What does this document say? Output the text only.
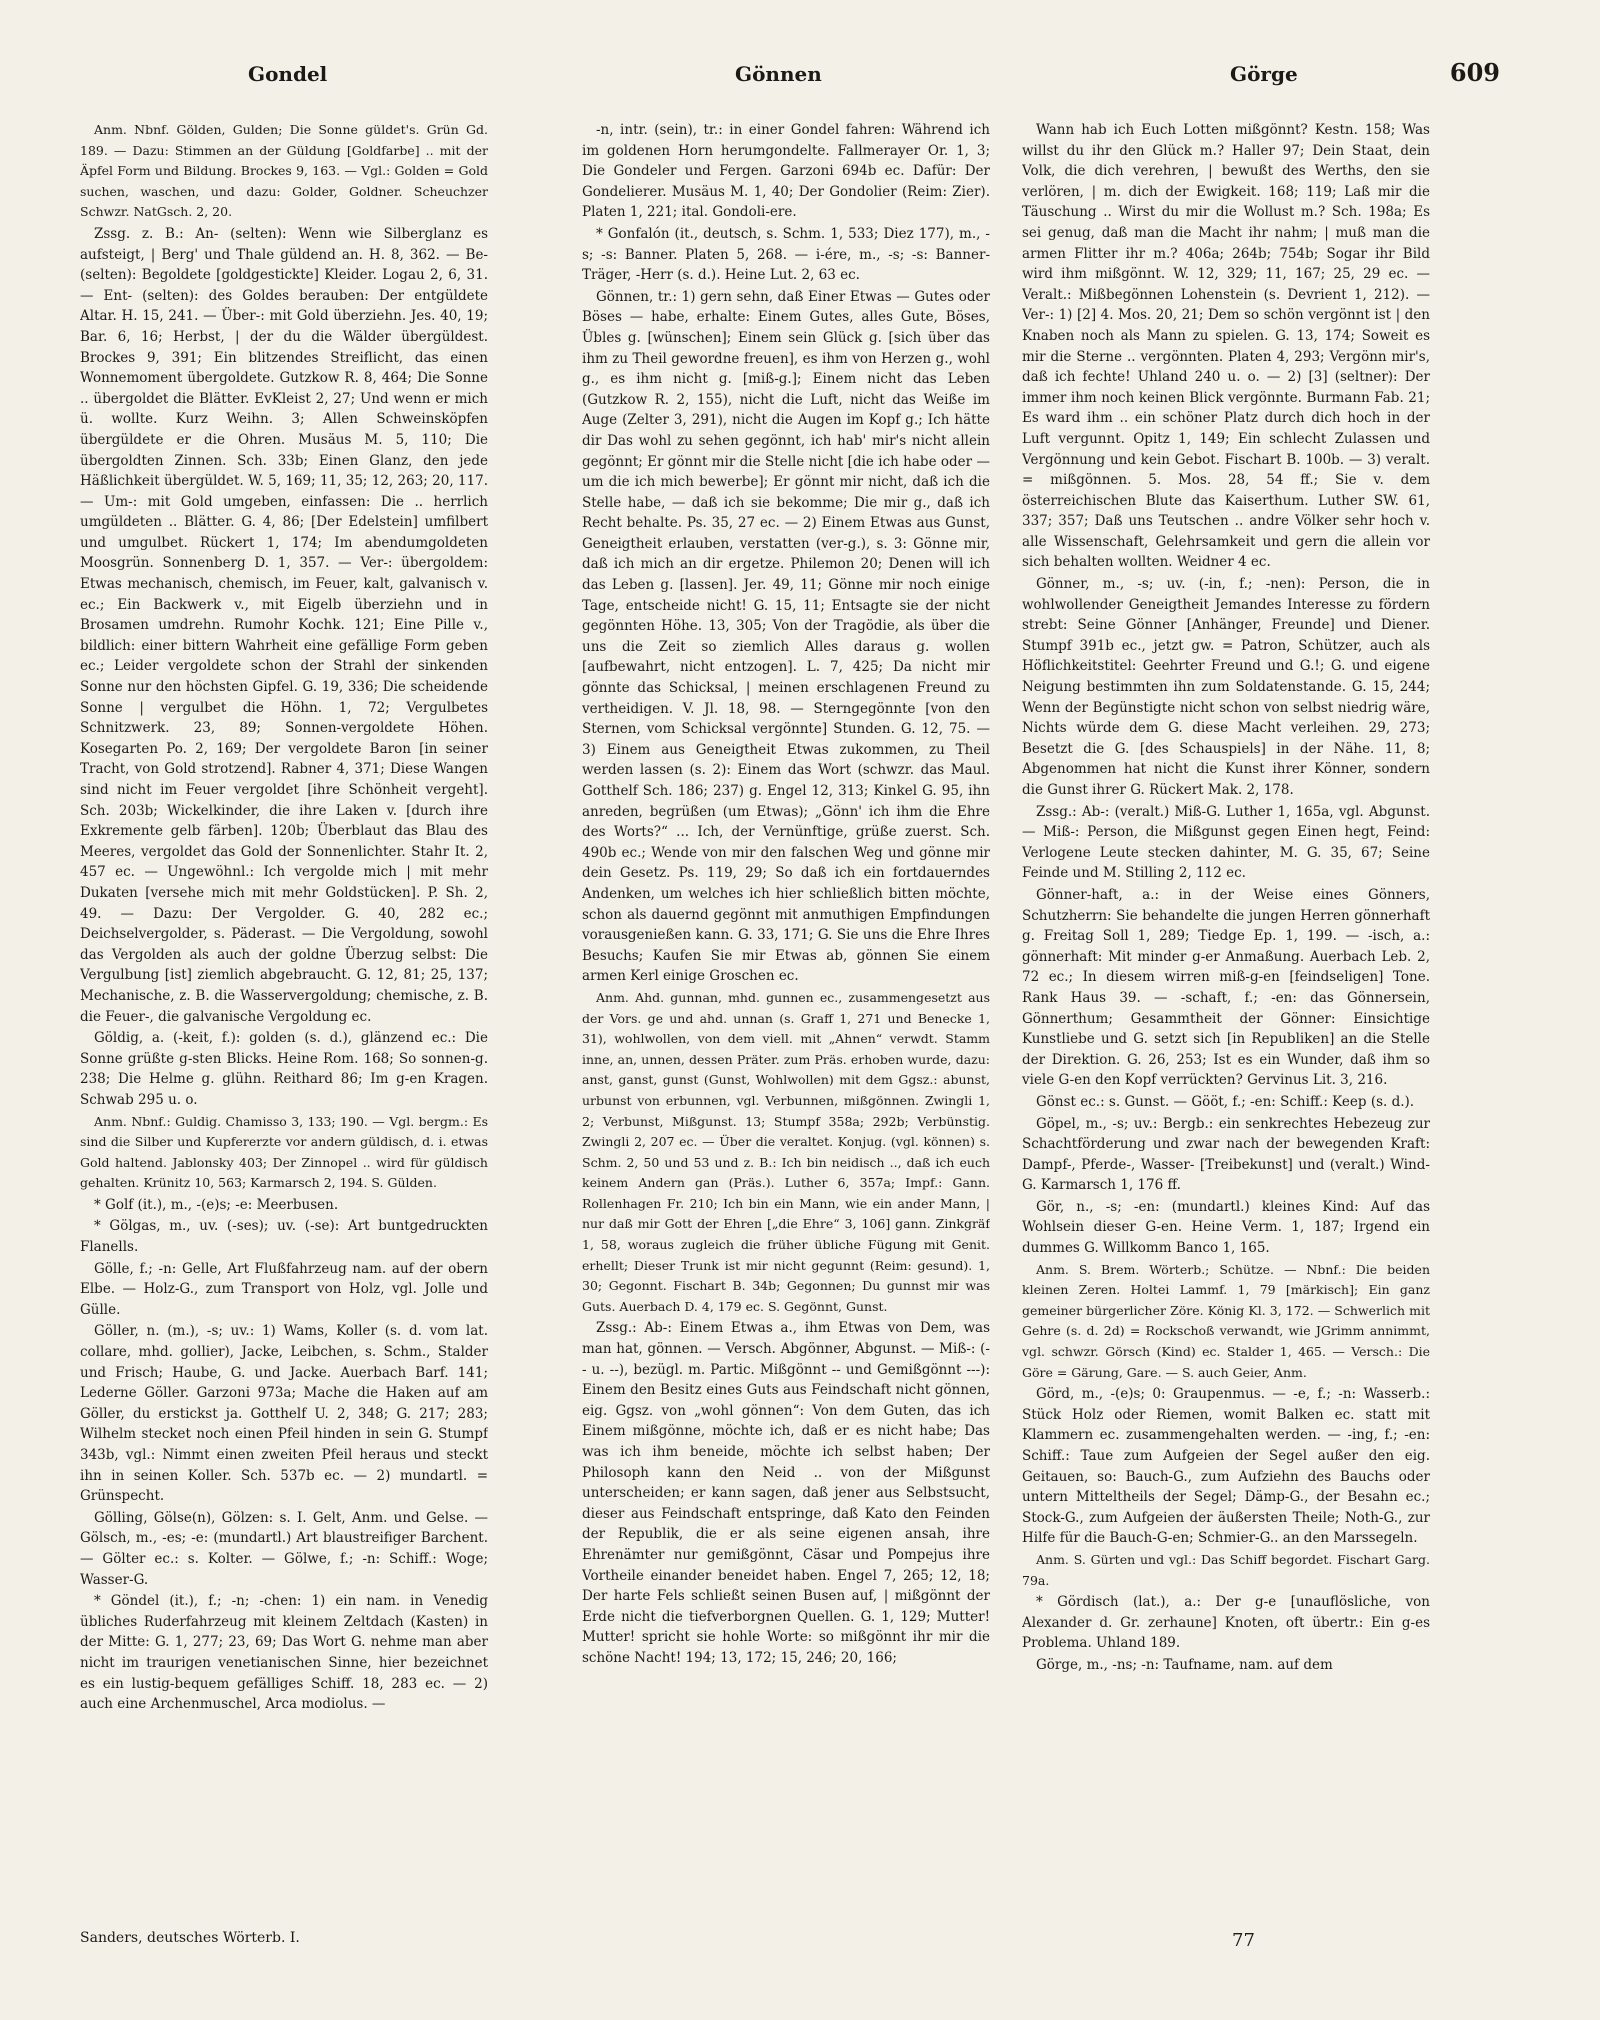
Gondel	Gönnen	Görge	609

Anm. Nbnf. Gölden, Gulden; Die Sonne güldet's. Grün Gd. 189. — Dazu: Stimmen an der Güldung [Goldfarbe] .. mit der Äpfel Form und Bildung. Brockes 9, 163. — Vgl.: Golden = Gold suchen, waschen, und dazu: Golder, Goldner. Scheuchzer Schwzr. NatGsch. 2, 20.

Zssg. z. B.: An- (selten): Wenn wie Silberglanz es aufsteigt, | Berg' und Thale güldend an. H. 8, 362. — Be- (selten): Begoldete [goldgestickte] Kleider. Logau 2, 6, 31. — Ent- (selten): des Goldes berauben: Der entgüldete Altar. H. 15, 241. — Über-: mit Gold überziehn. Jes. 40, 19; Bar. 6, 16; Herbst, | der du die Wälder übergüldest. Brockes 9, 391; Ein blitzendes Streiflicht, das einen Wonnemoment übergoldete. Gutzkow R. 8, 464; Die Sonne .. übergoldet die Blätter. EvKleist 2, 27; Und wenn er mich ü. wollte. Kurz Weihn. 3; Allen Schweinsköpfen übergüldete er die Ohren. Musäus M. 5, 110; Die übergoldten Zinnen. Sch. 33b; Einen Glanz, den jede Häßlichkeit übergüldet. W. 5, 169; 11, 35; 12, 263; 20, 117. — Um-: mit Gold umgeben, einfassen: Die .. herrlich umgüldeten .. Blätter. G. 4, 86; [Der Edelstein] umfilbert und umgulbet. Rückert 1, 174; Im abendumgoldeten Moosgrün. Sonnenberg D. 1, 357. — Ver-: übergoldem: Etwas mechanisch, chemisch, im Feuer, kalt, galvanisch v. ec.; Ein Backwerk v., mit Eigelb überziehn und in Brosamen umdrehn. Rumohr Kochk. 121; Eine Pille v., bildlich: einer bittern Wahrheit eine gefällige Form geben ec.; Leider vergoldete schon der Strahl der sinkenden Sonne nur den höchsten Gipfel. G. 19, 336; Die scheidende Sonne | vergulbet die Höhn. 1, 72; Vergulbetes Schnitzwerk. 23, 89; Sonnen-vergoldete Höhen. Kosegarten Po. 2, 169; Der vergoldete Baron [in seiner Tracht, von Gold strotzend]. Rabner 4, 371; Diese Wangen sind nicht im Feuer vergoldet [ihre Schönheit vergeht]. Sch. 203b; Wickelkinder, die ihre Laken v. [durch ihre Exkremente gelb färben]. 120b; Überblaut das Blau des Meeres, vergoldet das Gold der Sonnenlichter. Stahr It. 2, 457 ec. — Ungewöhnl.: Ich vergolde mich | mit mehr Dukaten [versehe mich mit mehr Goldstücken]. P. Sh. 2, 49. — Dazu: Der Vergolder. G. 40, 282 ec.; Deichselvergolder, s. Päderast. — Die Vergoldung, sowohl das Vergolden als auch der goldne Überzug selbst: Die Vergulbung [ist] ziemlich abgebraucht. G. 12, 81; 25, 137; Mechanische, z. B. die Wasservergoldung; chemische, z. B. die Feuer-, die galvanische Vergoldung ec.

Göldig, a. (-keit, f.): golden (s. d.), glänzend ec.: Die Sonne grüßte g-sten Blicks. Heine Rom. 168; So sonnen-g. 238; Die Helme g. glühn. Reithard 86; Im g-en Kragen. Schwab 295 u. o.

Anm. Nbnf.: Guldig. Chamisso 3, 133; 190. — Vgl. bergm.: Es sind die Silber und Kupfererzte vor andern güldisch, d. i. etwas Gold haltend. Jablonsky 403; Der Zinnopel .. wird für güldisch gehalten. Krünitz 10, 563; Karmarsch 2, 194. S. Gülden.

* Golf (it.), m., -(e)s; -e: Meerbusen.

* Gölgas, m., uv. (-ses); uv. (-se): Art buntgedruckten Flanells.

Gölle, f.; -n: Gelle, Art Flußfahrzeug nam. auf der obern Elbe. — Holz-G., zum Transport von Holz, vgl. Jolle und Gülle.

Göller, n. (m.), -s; uv.: 1) Wams, Koller (s. d. vom lat. collare, mhd. gollier), Jacke, Leibchen, s. Schm., Stalder und Frisch; Haube, G. und Jacke. Auerbach Barf. 141; Lederne Göller. Garzoni 973a; Mache die Haken auf am Göller, du erstickst ja. Gotthelf U. 2, 348; G. 217; 283; Wilhelm stecket noch einen Pfeil hinden in sein G. Stumpf 343b, vgl.: Nimmt einen zweiten Pfeil heraus und steckt ihn in seinen Koller. Sch. 537b ec. — 2) mundartl. = Grünspecht.

Gölling, Gölse(n), Gölzen: s. I. Gelt, Anm. und Gelse. — Gölsch, m., -es; -e: (mundartl.) Art blaustreifiger Barchent. — Gölter ec.: s. Kolter. — Gölwe, f.; -n: Schiff.: Woge; Wasser-G.

* Göndel (it.), f.; -n; -chen: 1) ein nam. in Venedig übliches Ruderfahrzeug mit kleinem Zeltdach (Kasten) in der Mitte: G. 1, 277; 23, 69; Das Wort G. nehme man aber nicht im traurigen venetianischen Sinne, hier bezeichnet es ein lustig-bequem gefälliges Schiff. 18, 283 ec. — 2) auch eine Archenmuschel, Arca modiolus. —

-n, intr. (sein), tr.: in einer Gondel fahren: Während ich im goldenen Horn herumgondelte. Fallmerayer Or. 1, 3; Die Gondeler und Fergen. Garzoni 694b ec. Dafür: Der Gondelierer. Musäus M. 1, 40; Der Gondolier (Reim: Zier). Platen 1, 221; ital. Gondoli-ere.

* Gonfalón (it., deutsch, s. Schm. 1, 533; Diez 177), m., -s; -s: Banner. Platen 5, 268. — i-ére, m., -s; -s: Banner-Träger, -Herr (s. d.). Heine Lut. 2, 63 ec.

Gönnen, tr.: 1) gern sehn, daß Einer Etwas — Gutes oder Böses — habe, erhalte: Einem Gutes, alles Gute, Böses, Übles g. [wünschen]; Einem sein Glück g. [sich über das ihm zu Theil gewordne freuen], es ihm von Herzen g., wohl g., es ihm nicht g. [miß-g.]; Einem nicht das Leben (Gutzkow R. 2, 155), nicht die Luft, nicht das Weiße im Auge (Zelter 3, 291), nicht die Augen im Kopf g.; Ich hätte dir Das wohl zu sehen gegönnt, ich hab' mir's nicht allein gegönnt; Er gönnt mir die Stelle nicht [die ich habe oder — um die ich mich bewerbe]; Er gönnt mir nicht, daß ich die Stelle habe, — daß ich sie bekomme; Die mir g., daß ich Recht behalte. Ps. 35, 27 ec. — 2) Einem Etwas aus Gunst, Geneigtheit erlauben, verstatten (ver-g.), s. 3: Gönne mir, daß ich mich an dir ergetze. Philemon 20; Denen will ich das Leben g. [lassen]. Jer. 49, 11; Gönne mir noch einige Tage, entscheide nicht! G. 15, 11; Entsagte sie der nicht gegönnten Höhe. 13, 305; Von der Tragödie, als über die uns die Zeit so ziemlich Alles daraus g. wollen [aufbewahrt, nicht entzogen]. L. 7, 425; Da nicht mir gönnte das Schicksal, | meinen erschlagenen Freund zu vertheidigen. V. Jl. 18, 98. — Sterngegönnte [von den Sternen, vom Schicksal vergönnte] Stunden. G. 12, 75. — 3) Einem aus Geneigtheit Etwas zukommen, zu Theil werden lassen (s. 2): Einem das Wort (schwzr. das Maul. Gotthelf Sch. 186; 237) g. Engel 12, 313; Kinkel G. 95, ihn anreden, begrüßen (um Etwas); „Gönn' ich ihm die Ehre des Worts?“ ... Ich, der Vernünftige, grüße zuerst. Sch. 490b ec.; Wende von mir den falschen Weg und gönne mir dein Gesetz. Ps. 119, 29; So daß ich ein fortdauerndes Andenken, um welches ich hier schließlich bitten möchte, schon als dauernd gegönnt mit anmuthigen Empfindungen vorausgenießen kann. G. 33, 171; G. Sie uns die Ehre Ihres Besuchs; Kaufen Sie mir Etwas ab, gönnen Sie einem armen Kerl einige Groschen ec.

Anm. Ahd. gunnan, mhd. gunnen ec., zusammengesetzt aus der Vors. ge und ahd. unnan (s. Graff 1, 271 und Benecke 1, 31), wohlwollen, von dem viell. mit „Ahnen“ verwdt. Stamm inne, an, unnen, dessen Präter. zum Präs. erhoben wurde, dazu: anst, ganst, gunst (Gunst, Wohlwollen) mit dem Ggsz.: abunst, urbunst von erbunnen, vgl. Verbunnen, mißgönnen. Zwingli 1, 2; Verbunst, Mißgunst. 13; Stumpf 358a; 292b; Verbünstig. Zwingli 2, 207 ec. — Über die veraltet. Konjug. (vgl. können) s. Schm. 2, 50 und 53 und z. B.: Ich bin neidisch .., daß ich euch keinem Andern gan (Präs.). Luther 6, 357a; Impf.: Gann. Rollenhagen Fr. 210; Ich bin ein Mann, wie ein ander Mann, | nur daß mir Gott der Ehren [„die Ehre“ 3, 106] gann. Zinkgräf 1, 58, woraus zugleich die früher übliche Fügung mit Genit. erhellt; Dieser Trunk ist mir nicht gegunnt (Reim: gesund). 1, 30; Gegonnt. Fischart B. 34b; Gegonnen; Du gunnst mir was Guts. Auerbach D. 4, 179 ec. S. Gegönnt, Gunst.

Zssg.: Ab-: Einem Etwas a., ihm Etwas von Dem, was man hat, gönnen. — Versch. Abgönner, Abgunst. — Miß-: (-- u. --), bezügl. m. Partic. Mißgönnt -- und Gemißgönnt ---): Einem den Besitz eines Guts aus Feindschaft nicht gönnen, eig. Ggsz. von „wohl gönnen“: Von dem Guten, das ich Einem mißgönne, möchte ich, daß er es nicht habe; Das was ich ihm beneide, möchte ich selbst haben; Der Philosoph kann den Neid .. von der Mißgunst unterscheiden; er kann sagen, daß jener aus Selbstsucht, dieser aus Feindschaft entspringe, daß Kato den Feinden der Republik, die er als seine eigenen ansah, ihre Ehrenämter nur gemißgönnt, Cäsar und Pompejus ihre Vortheile einander beneidet haben. Engel 7, 265; 12, 18; Der harte Fels schließt seinen Busen auf, | mißgönnt der Erde nicht die tiefverborgnen Quellen. G. 1, 129; Mutter! Mutter! spricht sie hohle Worte: so mißgönnt ihr mir die schöne Nacht! 194; 13, 172; 15, 246; 20, 166;

Wann hab ich Euch Lotten mißgönnt? Kestn. 158; Was willst du ihr den Glück m.? Haller 97; Dein Staat, dein Volk, die dich verehren, | bewußt des Werths, den sie verlören, | m. dich der Ewigkeit. 168; 119; Laß mir die Täuschung .. Wirst du mir die Wollust m.? Sch. 198a; Es sei genug, daß man die Macht ihr nahm; | muß man die armen Flitter ihr m.? 406a; 264b; 754b; Sogar ihr Bild wird ihm mißgönnt. W. 12, 329; 11, 167; 25, 29 ec. — Veralt.: Mißbegönnen Lohenstein (s. Devrient 1, 212). — Ver-: 1) [2] 4. Mos. 20, 21; Dem so schön vergönnt ist | den Knaben noch als Mann zu spielen. G. 13, 174; Soweit es mir die Sterne .. vergönnten. Platen 4, 293; Vergönn mir's, daß ich fechte! Uhland 240 u. o. — 2) [3] (seltner): Der immer ihm noch keinen Blick vergönnte. Burmann Fab. 21; Es ward ihm .. ein schöner Platz durch dich hoch in der Luft vergunnt. Opitz 1, 149; Ein schlecht Zulassen und Vergönnung und kein Gebot. Fischart B. 100b. — 3) veralt. = mißgönnen. 5. Mos. 28, 54 ff.; Sie v. dem österreichischen Blute das Kaiserthum. Luther SW. 61, 337; 357; Daß uns Teutschen .. andre Völker sehr hoch v. alle Wissenschaft, Gelehrsamkeit und gern die allein vor sich behalten wollten. Weidner 4 ec.

Gönner, m., -s; uv. (-in, f.; -nen): Person, die in wohlwollender Geneigtheit Jemandes Interesse zu fördern strebt: Seine Gönner [Anhänger, Freunde] und Diener. Stumpf 391b ec., jetzt gw. = Patron, Schützer, auch als Höflichkeitstitel: Geehrter Freund und G.!; G. und eigene Neigung bestimmten ihn zum Soldatenstande. G. 15, 244; Wenn der Begünstigte nicht schon von selbst niedrig wäre, Nichts würde dem G. diese Macht verleihen. 29, 273; Besetzt die G. [des Schauspiels] in der Nähe. 11, 8; Abgenommen hat nicht die Kunst ihrer Könner, sondern die Gunst ihrer G. Rückert Mak. 2, 178.

Zssg.: Ab-: (veralt.) Miß-G. Luther 1, 165a, vgl. Abgunst. — Miß-: Person, die Mißgunst gegen Einen hegt, Feind: Verlogene Leute stecken dahinter, M. G. 35, 67; Seine Feinde und M. Stilling 2, 112 ec.

Gönner-haft, a.: in der Weise eines Gönners, Schutzherrn: Sie behandelte die jungen Herren gönnerhaft g. Freitag Soll 1, 289; Tiedge Ep. 1, 199. — -isch, a.: gönnerhaft: Mit minder g-er Anmaßung. Auerbach Leb. 2, 72 ec.; In diesem wirren miß-g-en [feindseligen] Tone. Rank Haus 39. — -schaft, f.; -en: das Gönnersein, Gönnerthum; Gesammtheit der Gönner: Einsichtige Kunstliebe und G. setzt sich [in Republiken] an die Stelle der Direktion. G. 26, 253; Ist es ein Wunder, daß ihm so viele G-en den Kopf verrückten? Gervinus Lit. 3, 216.

Gönst ec.: s. Gunst. — Gööt, f.; -en: Schiff.: Keep (s. d.).

Göpel, m., -s; uv.: Bergb.: ein senkrechtes Hebezeug zur Schachtförderung und zwar nach der bewegenden Kraft: Dampf-, Pferde-, Wasser- [Treibekunst] und (veralt.) Wind-G. Karmarsch 1, 176 ff.

Gör, n., -s; -en: (mundartl.) kleines Kind: Auf das Wohlsein dieser G-en. Heine Verm. 1, 187; Irgend ein dummes G. Willkomm Banco 1, 165.

Anm. S. Brem. Wörterb.; Schütze. — Nbnf.: Die beiden kleinen Zeren. Holtei Lammf. 1, 79 [märkisch]; Ein ganz gemeiner bürgerlicher Zöre. König Kl. 3, 172. — Schwerlich mit Gehre (s. d. 2d) = Rockschoß verwandt, wie JGrimm annimmt, vgl. schwzr. Görsch (Kind) ec. Stalder 1, 465. — Versch.: Die Göre = Gärung, Gare. — S. auch Geier, Anm.

Görd, m., -(e)s; 0: Graupenmus. — -e, f.; -n: Wasserb.: Stück Holz oder Riemen, womit Balken ec. statt mit Klammern ec. zusammengehalten werden. — -ing, f.; -en: Schiff.: Taue zum Aufgeien der Segel außer den eig. Geitauen, so: Bauch-G., zum Aufziehn des Bauchs oder untern Mitteltheils der Segel; Dämp-G., der Besahn ec.; Stock-G., zum Aufgeien der äußersten Theile; Noth-G., zur Hilfe für die Bauch-G-en; Schmier-G.. an den Marssegeln.

Anm. S. Gürten und vgl.: Das Schiff begordet. Fischart Garg. 79a.

* Gördisch (lat.), a.: Der g-e [unauflösliche, von Alexander d. Gr. zerhaune] Knoten, oft übertr.: Ein g-es Problema. Uhland 189.

Görge, m., -ns; -n: Taufname, nam. auf dem

Sanders, deutsches Wörterb. I.	77
